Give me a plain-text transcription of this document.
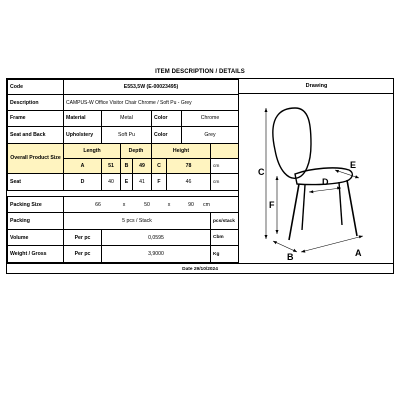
ITEM DESCRIPTION / DETAILS
Code	E553,5W (E-00023495)							
Description	CAMPUS-W Office Visitor Chair Chrome / Soft Pu - Grey							
Frame	Material	Metal			Color		Chrome	
Seat and Back	Upholstery	Soft Pu			Color		Grey	
Overall Product Size	Length		Depth		Height			
	A	51	B	49	C	78		cm
Seat	D	40	E	41	F	46		cm

Packing Size	66 x 50 x 90 cm							
Packing	5 pcs / Stack							pcs/stack
Volume	Per pc	0,0595						Cbm
Weight / Gross	Per pc	3,9000						Kg
Drawing
C
F
D
E
B	A
Date 29/10/2024
